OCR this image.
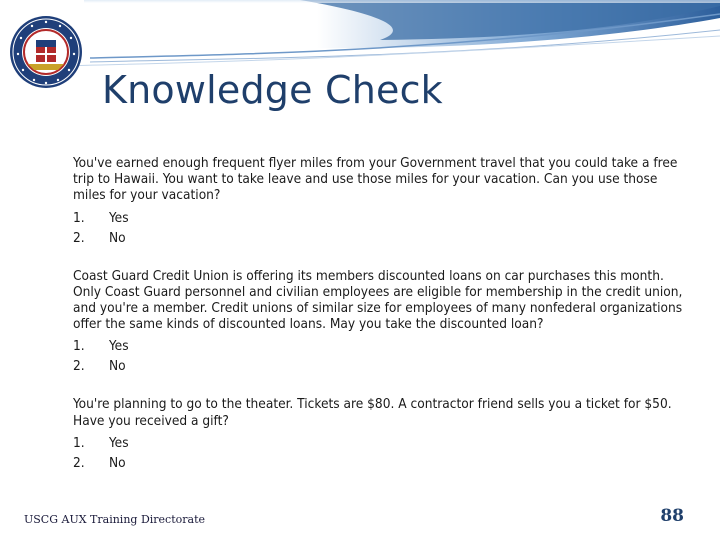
Knowledge Check

You've earned enough frequent flyer miles from your Government travel that you could take a free trip to Hawaii. You want to take leave and use those miles for your vacation. Can you use those miles for your vacation?

1.	Yes
2.	No

Coast Guard Credit Union is offering its members discounted loans on car purchases this month. Only Coast Guard personnel and civilian employees are eligible for membership in the credit union, and you're a member. Credit unions of similar size for employees of many nonfederal organizations offer the same kinds of discounted loans. May you take the discounted loan?

1.	Yes
2.	No

You're planning to go to the theater. Tickets are $80. A contractor friend sells you a ticket for $50. Have you received a gift?

1.	Yes
2.	No
USCG AUX Training Directorate	88
